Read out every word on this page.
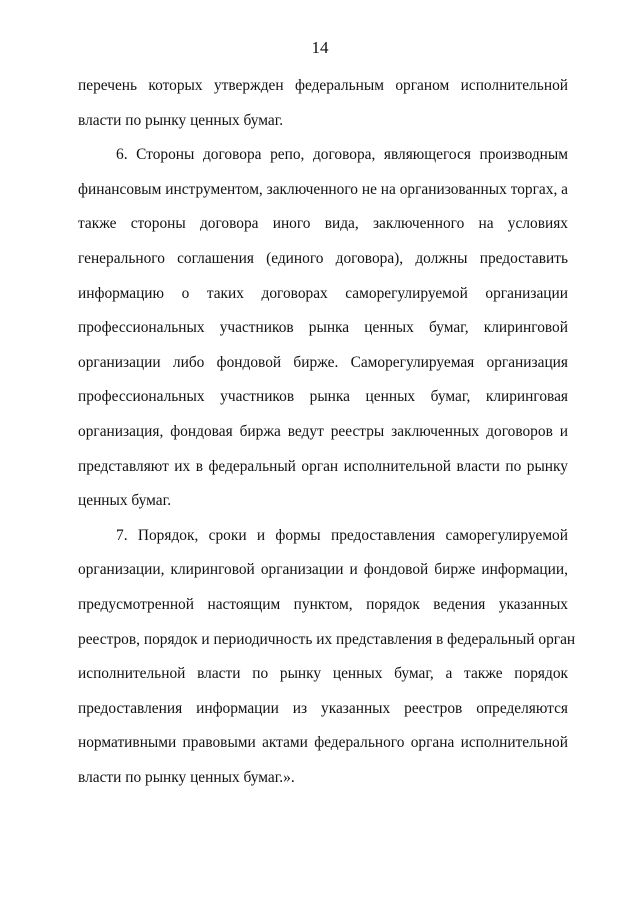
14
перечень которых утвержден федеральным органом исполнительной
власти по рынку ценных бумаг.
6. Стороны договора репо, договора, являющегося производным
финансовым инструментом, заключенного не на организованных торгах, а
также стороны договора иного вида, заключенного на условиях
генерального соглашения (единого договора), должны предоставить
информацию о таких договорах саморегулируемой организации
профессиональных участников рынка ценных бумаг, клиринговой
организации либо фондовой бирже. Саморегулируемая организация
профессиональных участников рынка ценных бумаг, клиринговая
организация, фондовая биржа ведут реестры заключенных договоров и
представляют их в федеральный орган исполнительной власти по рынку
ценных бумаг.
7. Порядок, сроки и формы предоставления саморегулируемой
организации, клиринговой организации и фондовой бирже информации,
предусмотренной настоящим пунктом, порядок ведения указанных
реестров, порядок и периодичность их представления в федеральный орган
исполнительной власти по рынку ценных бумаг, а также порядок
предоставления информации из указанных реестров определяются
нормативными правовыми актами федерального органа исполнительной
власти по рынку ценных бумаг.».
